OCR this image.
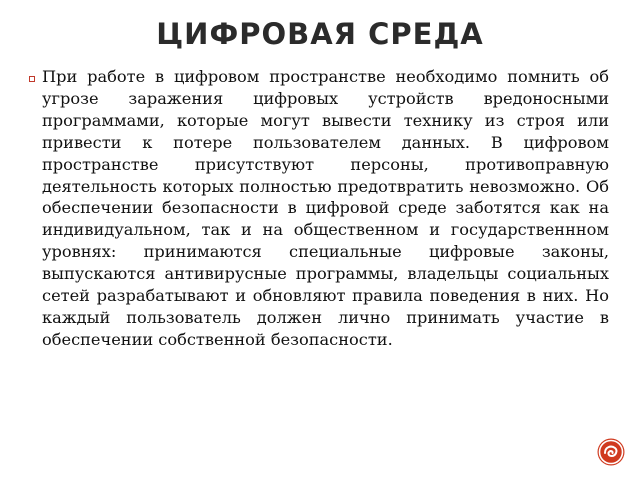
ЦИФРОВАЯ СРЕДА
При работе в цифровом пространстве необходимо помнить об угрозе заражения цифровых устройств вредоносными программами, которые могут вывести технику из строя или привести к потере пользователем данных. В цифровом пространстве присутствуют персоны, противоправную деятельность которых полностью предотвратить невозможно. Об обеспечении безопасности в цифровой среде заботятся как на индивидуальном, так и на общественном и государственнном уровнях: принимаются специальные цифровые законы, выпускаются антивирусные программы, владельцы социальных сетей разрабатывают и обновляют правила поведения в них. Но каждый пользователь должен лично принимать участие в обеспечении собственной безопасности.
